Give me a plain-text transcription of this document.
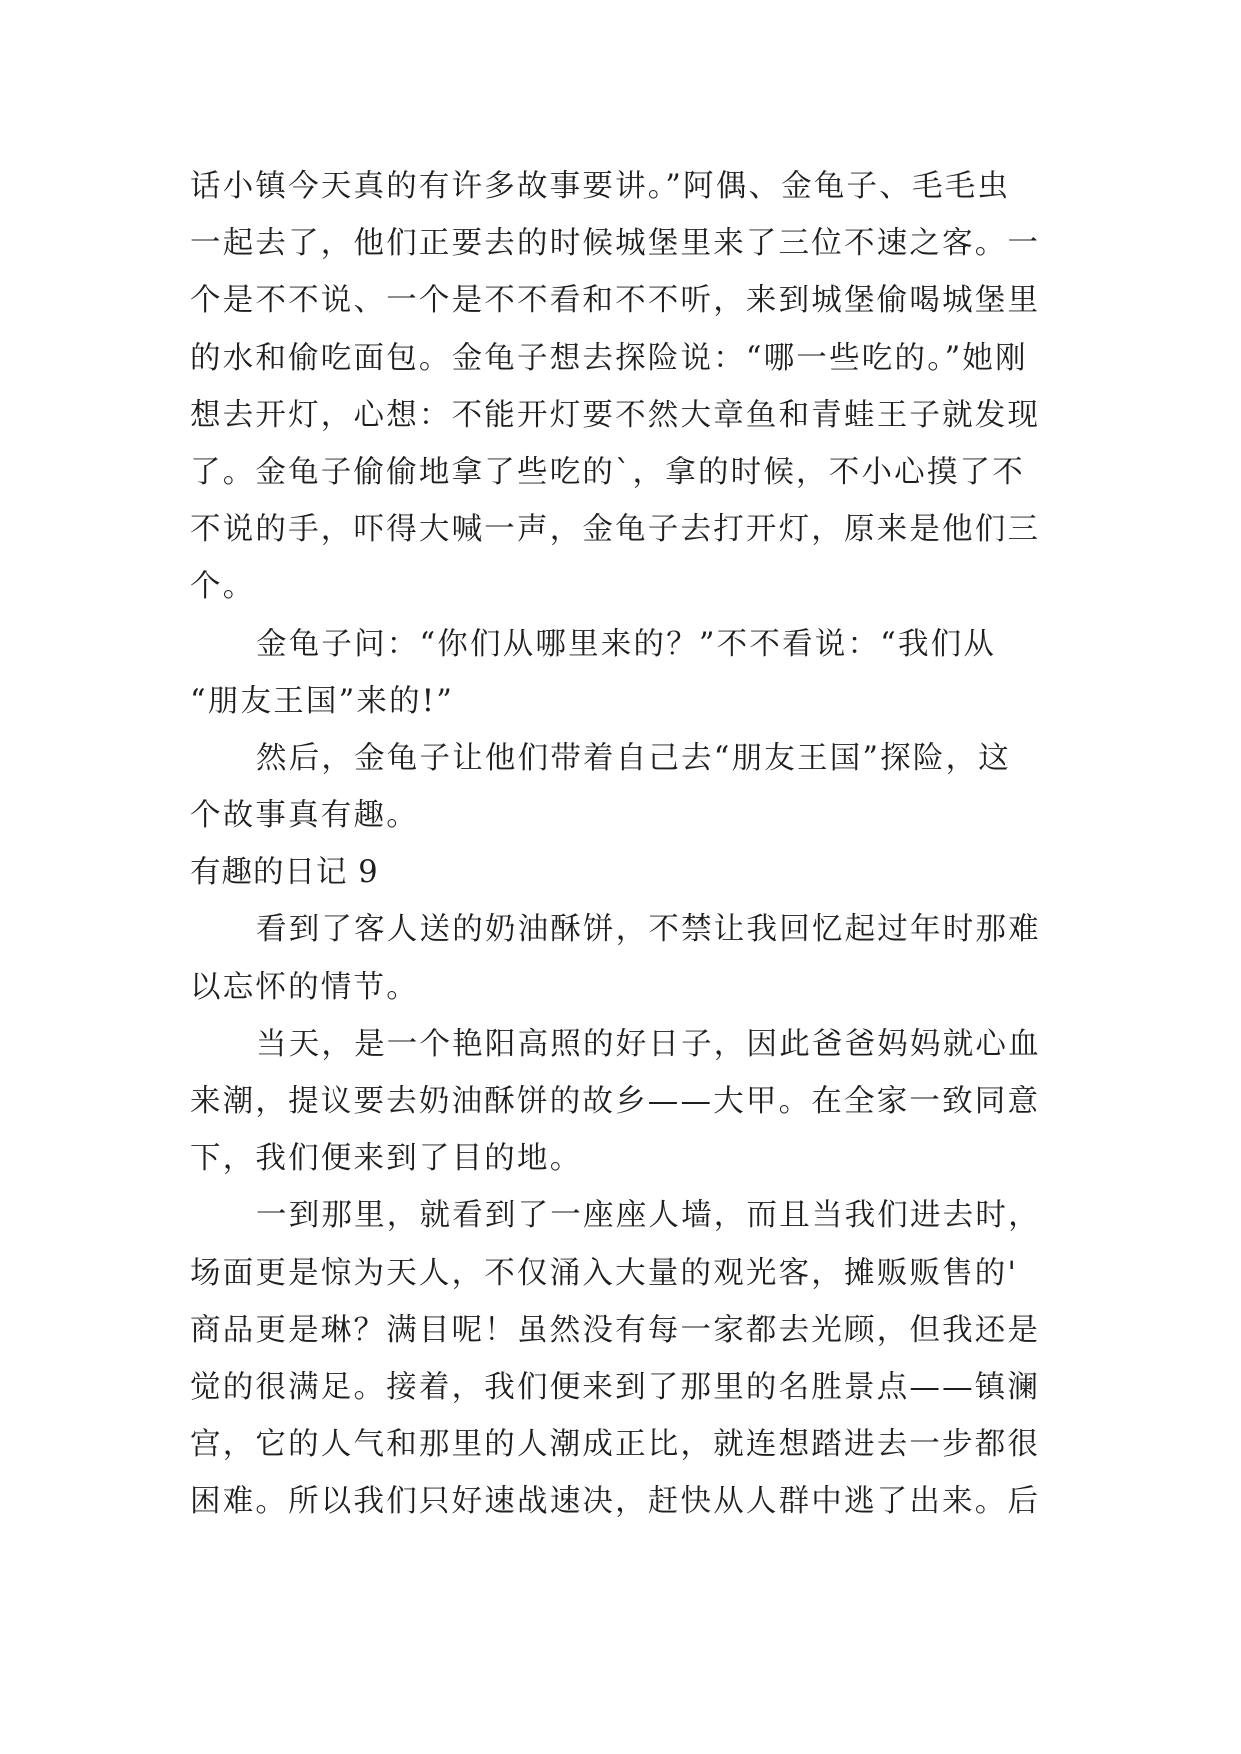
话小镇今天真的有许多故事要讲。”阿偶、金龟子、毛毛虫
一起去了，他们正要去的时候城堡里来了三位不速之客。一
个是不不说、一个是不不看和不不听，来到城堡偷喝城堡里
的水和偷吃面包。金龟子想去探险说：“哪一些吃的。”她刚
想去开灯，心想：不能开灯要不然大章鱼和青蛙王子就发现
了。金龟子偷偷地拿了些吃的`，拿的时候，不小心摸了不
不说的手，吓得大喊一声，金龟子去打开灯，原来是他们三
个。
金龟子问：“你们从哪里来的？”不不看说：“我们从
“朋友王国”来的!”
然后，金龟子让他们带着自己去“朋友王国”探险，这
个故事真有趣。
有趣的日记 9
看到了客人送的奶油酥饼，不禁让我回忆起过年时那难
以忘怀的情节。
当天，是一个艳阳高照的好日子，因此爸爸妈妈就心血
来潮，提议要去奶油酥饼的故乡——大甲。在全家一致同意
下，我们便来到了目的地。
一到那里，就看到了一座座人墙，而且当我们进去时，
场面更是惊为天人，不仅涌入大量的观光客，摊贩贩售的'
商品更是琳？满目呢！虽然没有每一家都去光顾，但我还是
觉的很满足。接着，我们便来到了那里的名胜景点——镇澜
宫，它的人气和那里的人潮成正比，就连想踏进去一步都很
困难。所以我们只好速战速决，赶快从人群中逃了出来。后
